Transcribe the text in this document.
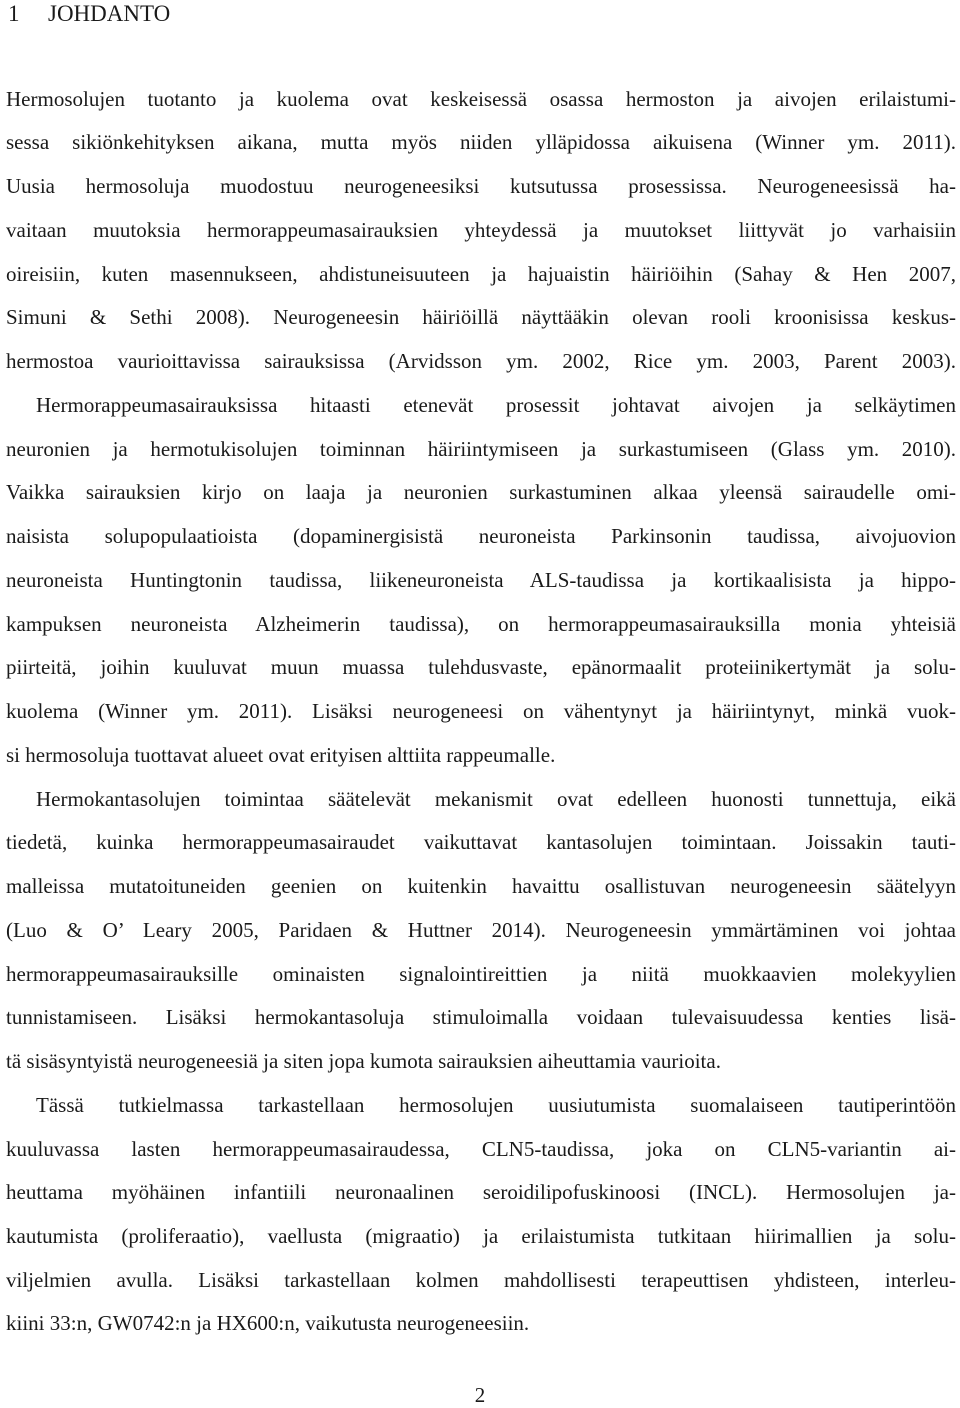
1 JOHDANTO
Hermosolujen tuotanto ja kuolema ovat keskeisessä osassa hermoston ja aivojen erilaistumi-
sessa sikiönkehityksen aikana, mutta myös niiden ylläpidossa aikuisena (Winner ym. 2011).
Uusia hermosoluja muodostuu neurogeneesiksi kutsutussa prosessissa. Neurogeneesissä ha-
vaitaan muutoksia hermorappeumasairauksien yhteydessä ja muutokset liittyvät jo varhaisiin
oireisiin, kuten masennukseen, ahdistuneisuuteen ja hajuaistin häiriöihin (Sahay & Hen 2007,
Simuni & Sethi 2008). Neurogeneesin häiriöillä näyttääkin olevan rooli kroonisissa keskus-
hermostoa vaurioittavissa sairauksissa (Arvidsson ym. 2002, Rice ym. 2003, Parent 2003).
Hermorappeumasairauksissa hitaasti etenevät prosessit johtavat aivojen ja selkäytimen
neuronien ja hermotukisolujen toiminnan häiriintymiseen ja surkastumiseen (Glass ym. 2010).
Vaikka sairauksien kirjo on laaja ja neuronien surkastuminen alkaa yleensä sairaudelle omi-
naisista solupopulaatioista (dopaminergisistä neuroneista Parkinsonin taudissa, aivojuovion
neuroneista Huntingtonin taudissa, liikeneuroneista ALS-taudissa ja kortikaalisista ja hippo-
kampuksen neuroneista Alzheimerin taudissa), on hermorappeumasairauksilla monia yhteisiä
piirteitä, joihin kuuluvat muun muassa tulehdusvaste, epänormaalit proteiinikertymät ja solu-
kuolema (Winner ym. 2011). Lisäksi neurogeneesi on vähentynyt ja häiriintynyt, minkä vuok-
si hermosoluja tuottavat alueet ovat erityisen alttiita rappeumalle.
Hermokantasolujen toimintaa säätelevät mekanismit ovat edelleen huonosti tunnettuja, eikä
tiedetä, kuinka hermorappeumasairaudet vaikuttavat kantasolujen toimintaan. Joissakin tauti-
malleissa mutatoituneiden geenien on kuitenkin havaittu osallistuvan neurogeneesin säätelyyn
(Luo & O’ Leary 2005, Paridaen & Huttner 2014). Neurogeneesin ymmärtäminen voi johtaa
hermorappeumasairauksille ominaisten signalointireittien ja niitä muokkaavien molekyylien
tunnistamiseen. Lisäksi hermokantasoluja stimuloimalla voidaan tulevaisuudessa kenties lisä-
tä sisäsyntyistä neurogeneesiä ja siten jopa kumota sairauksien aiheuttamia vaurioita.
Tässä tutkielmassa tarkastellaan hermosolujen uusiutumista suomalaiseen tautiperintöön
kuuluvassa lasten hermorappeumasairaudessa, CLN5-taudissa, joka on CLN5-variantin ai-
heuttama myöhäinen infantiili neuronaalinen seroidilipofuskinoosi (INCL). Hermosolujen ja-
kautumista (proliferaatio), vaellusta (migraatio) ja erilaistumista tutkitaan hiirimallien ja solu-
viljelmien avulla. Lisäksi tarkastellaan kolmen mahdollisesti terapeuttisen yhdisteen, interleu-
kiini 33:n, GW0742:n ja HX600:n, vaikutusta neurogeneesiin.
2
